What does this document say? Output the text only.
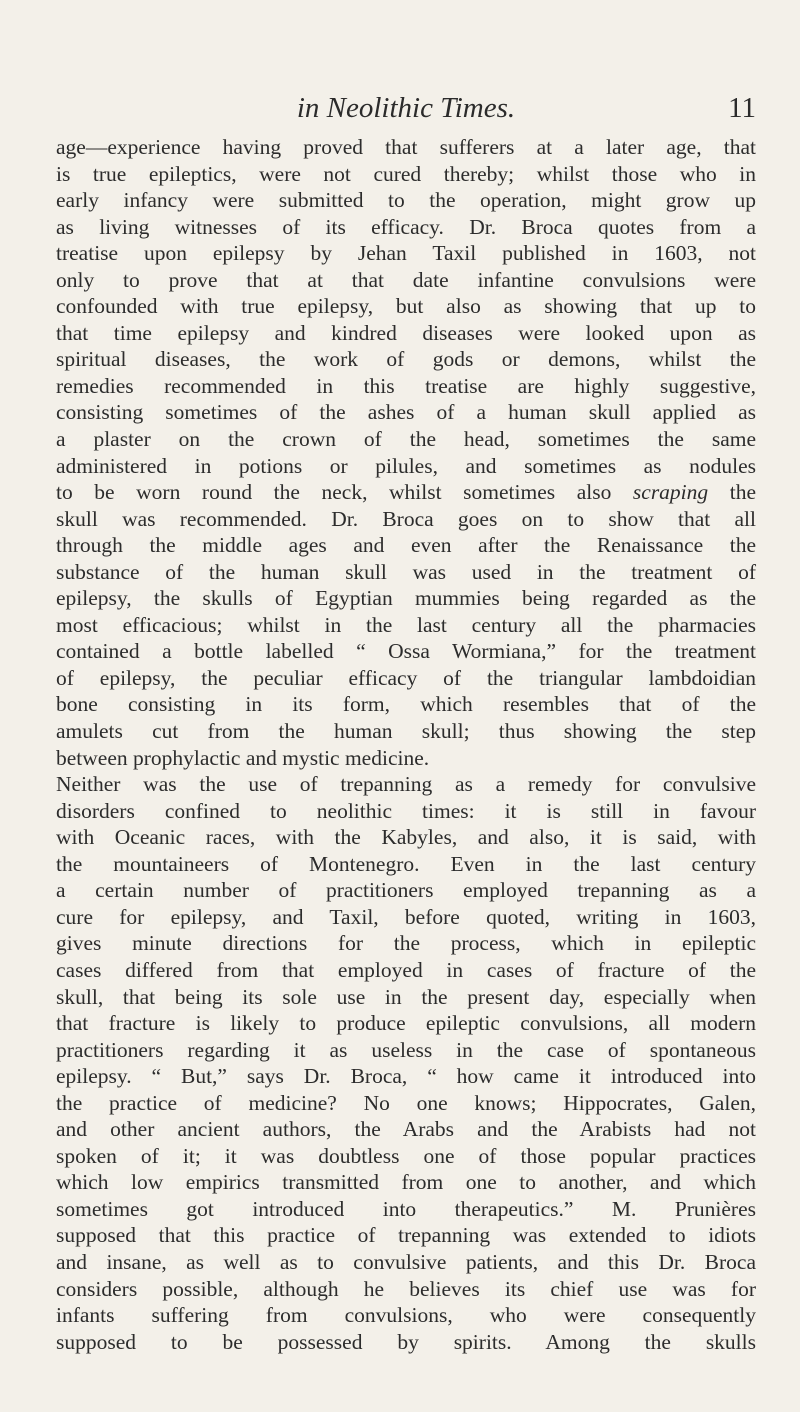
in Neolithic Times.	11
age—experience having proved that sufferers at a later age, that
is true epileptics, were not cured thereby; whilst those who in
early infancy were submitted to the operation, might grow up
as living witnesses of its efficacy. Dr. Broca quotes from a
treatise upon epilepsy by Jehan Taxil published in 1603, not
only to prove that at that date infantine convulsions were
confounded with true epilepsy, but also as showing that up to
that time epilepsy and kindred diseases were looked upon as
spiritual diseases, the work of gods or demons, whilst the
remedies recommended in this treatise are highly suggestive,
consisting sometimes of the ashes of a human skull applied as
a plaster on the crown of the head, sometimes the same
administered in potions or pilules, and sometimes as nodules
to be worn round the neck, whilst sometimes also scraping the
skull was recommended. Dr. Broca goes on to show that all
through the middle ages and even after the Renaissance the
substance of the human skull was used in the treatment of
epilepsy, the skulls of Egyptian mummies being regarded as the
most efficacious; whilst in the last century all the pharmacies
contained a bottle labelled “ Ossa Wormiana,” for the treatment
of epilepsy, the peculiar efficacy of the triangular lambdoidian
bone consisting in its form, which resembles that of the
amulets cut from the human skull; thus showing the step
between prophylactic and mystic medicine.
Neither was the use of trepanning as a remedy for convulsive
disorders confined to neolithic times: it is still in favour
with Oceanic races, with the Kabyles, and also, it is said, with
the mountaineers of Montenegro. Even in the last century
a certain number of practitioners employed trepanning as a
cure for epilepsy, and Taxil, before quoted, writing in 1603,
gives minute directions for the process, which in epileptic
cases differed from that employed in cases of fracture of the
skull, that being its sole use in the present day, especially when
that fracture is likely to produce epileptic convulsions, all modern
practitioners regarding it as useless in the case of spontaneous
epilepsy. “ But,” says Dr. Broca, “ how came it introduced into
the practice of medicine? No one knows; Hippocrates, Galen,
and other ancient authors, the Arabs and the Arabists had not
spoken of it; it was doubtless one of those popular practices
which low empirics transmitted from one to another, and which
sometimes got introduced into therapeutics.” M. Prunières
supposed that this practice of trepanning was extended to idiots
and insane, as well as to convulsive patients, and this Dr. Broca
considers possible, although he believes its chief use was for
infants suffering from convulsions, who were consequently
supposed to be possessed by spirits. Among the skulls
